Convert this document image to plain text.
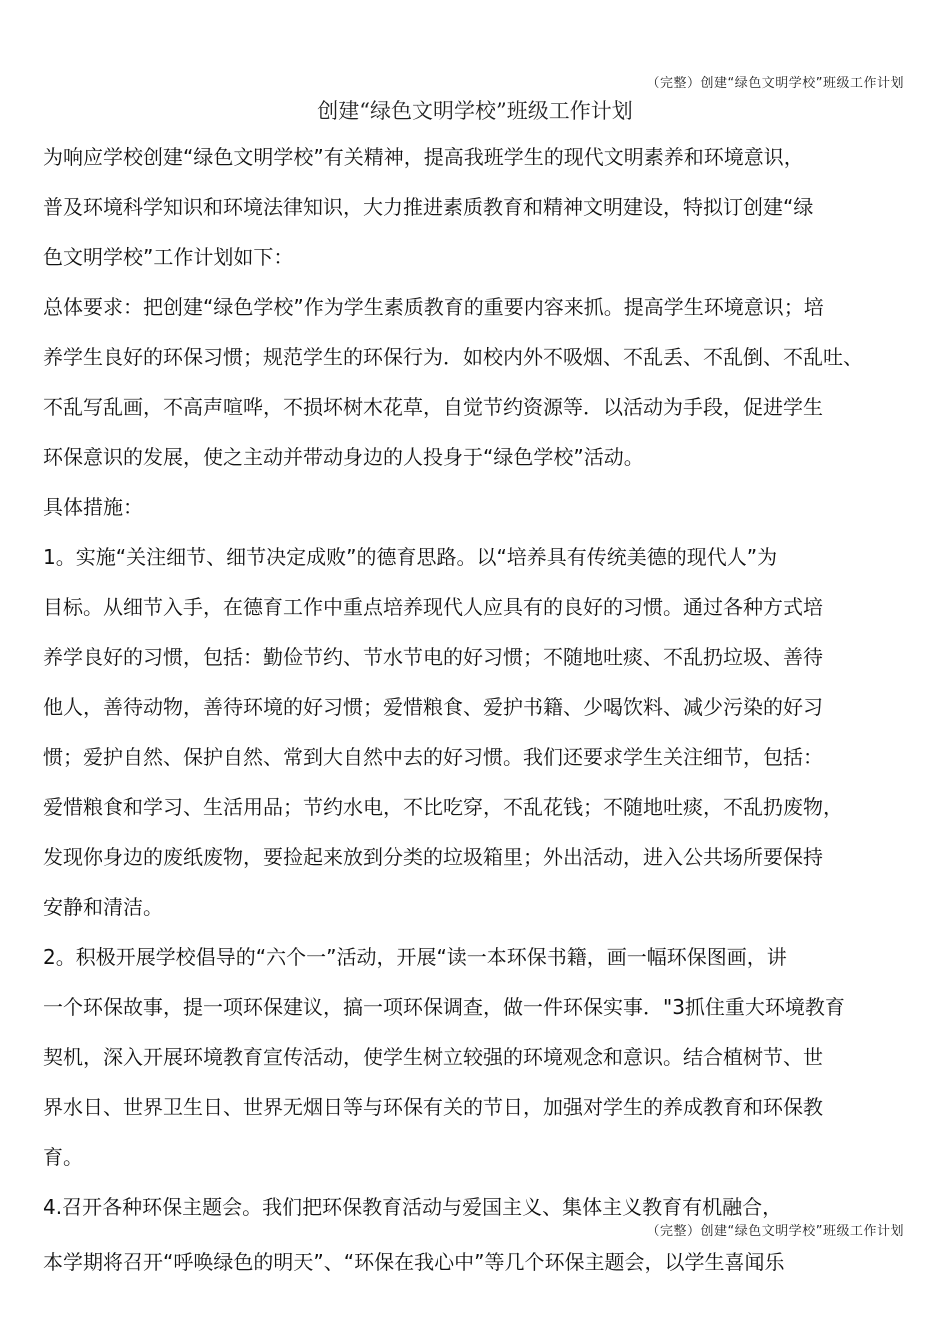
（完整）创建“绿色文明学校”班级工作计划
创建“绿色文明学校”班级工作计划
为响应学校创建“绿色文明学校”有关精神，提高我班学生的现代文明素养和环境意识，
普及环境科学知识和环境法律知识，大力推进素质教育和精神文明建设，特拟订创建“绿
色文明学校”工作计划如下：
总体要求：把创建“绿色学校”作为学生素质教育的重要内容来抓。提高学生环境意识；培
养学生良好的环保习惯；规范学生的环保行为．如校内外不吸烟、不乱丢、不乱倒、不乱吐、
不乱写乱画，不高声喧哗，不损坏树木花草，自觉节约资源等．以活动为手段，促进学生
环保意识的发展，使之主动并带动身边的人投身于“绿色学校”活动。
具体措施：
1。实施“关注细节、细节决定成败”的德育思路。以“培养具有传统美德的现代人”为
目标。从细节入手，在德育工作中重点培养现代人应具有的良好的习惯。通过各种方式培
养学良好的习惯，包括：勤俭节约、节水节电的好习惯；不随地吐痰、不乱扔垃圾、善待
他人，善待动物，善待环境的好习惯；爱惜粮食、爱护书籍、少喝饮料、减少污染的好习
惯；爱护自然、保护自然、常到大自然中去的好习惯。我们还要求学生关注细节，包括：
爱惜粮食和学习、生活用品；节约水电，不比吃穿，不乱花钱；不随地吐痰，不乱扔废物，
发现你身边的废纸废物，要捡起来放到分类的垃圾箱里；外出活动，进入公共场所要保持
安静和清洁。
2。积极开展学校倡导的“六个一”活动，开展“读一本环保书籍，画一幅环保图画，讲
一个环保故事，提一项环保建议，搞一项环保调查，做一件环保实事．"3抓住重大环境教育
契机，深入开展环境教育宣传活动，使学生树立较强的环境观念和意识。结合植树节、世
界水日、世界卫生日、世界无烟日等与环保有关的节日，加强对学生的养成教育和环保教
育。
4.召开各种环保主题会。我们把环保教育活动与爱国主义、集体主义教育有机融合，
（完整）创建“绿色文明学校”班级工作计划
本学期将召开“呼唤绿色的明天”、“环保在我心中”等几个环保主题会，以学生喜闻乐
